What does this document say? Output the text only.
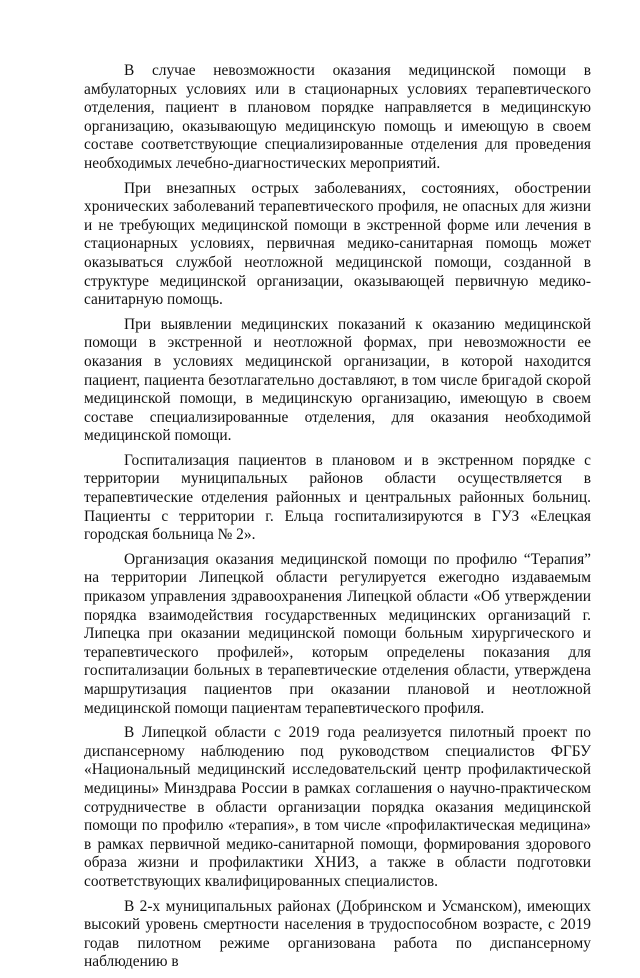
В случае невозможности оказания медицинской помощи в амбулаторных условиях или в стационарных условиях терапевтического отделения, пациент в плановом порядке направляется в медицинскую организацию, оказывающую медицинскую помощь и имеющую в своем составе соответствующие специализированные отделения для проведения необходимых лечебно-диагностических мероприятий.

При внезапных острых заболеваниях, состояниях, обострении хронических заболеваний терапевтического профиля, не опасных для жизни и не требующих медицинской помощи в экстренной форме или лечения в стационарных условиях, первичная медико-санитарная помощь может оказываться службой неотложной медицинской помощи, созданной в структуре медицинской организации, оказывающей первичную медико-санитарную помощь.

При выявлении медицинских показаний к оказанию медицинской помощи в экстренной и неотложной формах, при невозможности ее оказания в условиях медицинской организации, в которой находится пациент, пациента безотлагательно доставляют, в том числе бригадой скорой медицинской помощи, в медицинскую организацию, имеющую в своем составе специализированные отделения, для оказания необходимой медицинской помощи.

Госпитализация пациентов в плановом и в экстренном порядке с территории муниципальных районов области осуществляется в терапевтические отделения районных и центральных районных больниц. Пациенты с территории г. Ельца госпитализируются в ГУЗ «Елецкая городская больница № 2».

Организация оказания медицинской помощи по профилю “Терапия” на территории Липецкой области регулируется ежегодно издаваемым приказом управления здравоохранения Липецкой области «Об утверждении порядка взаимодействия государственных медицинских организаций г. Липецка при оказании медицинской помощи больным хирургического и терапевтического профилей», которым определены показания для госпитализации больных в терапевтические отделения области, утверждена маршрутизация пациентов при оказании плановой и неотложной медицинской помощи пациентам терапевтического профиля.

В Липецкой области с 2019 года реализуется пилотный проект по диспансерному наблюдению под руководством специалистов ФГБУ «Национальный медицинский исследовательский центр профилактической медицины» Минздрава России в рамках соглашения о научно-практическом сотрудничестве в области организации порядка оказания медицинской помощи по профилю «терапия», в том числе «профилактическая медицина» в рамках первичной медико-санитарной помощи, формирования здорового образа жизни и профилактики ХНИЗ, а также в области подготовки соответствующих квалифицированных специалистов.

В 2-х муниципальных районах (Добринском и Усманском), имеющих высокий уровень смертности населения в трудоспособном возрасте, с 2019 годав пилотном режиме организована работа по диспансерному наблюдению в
